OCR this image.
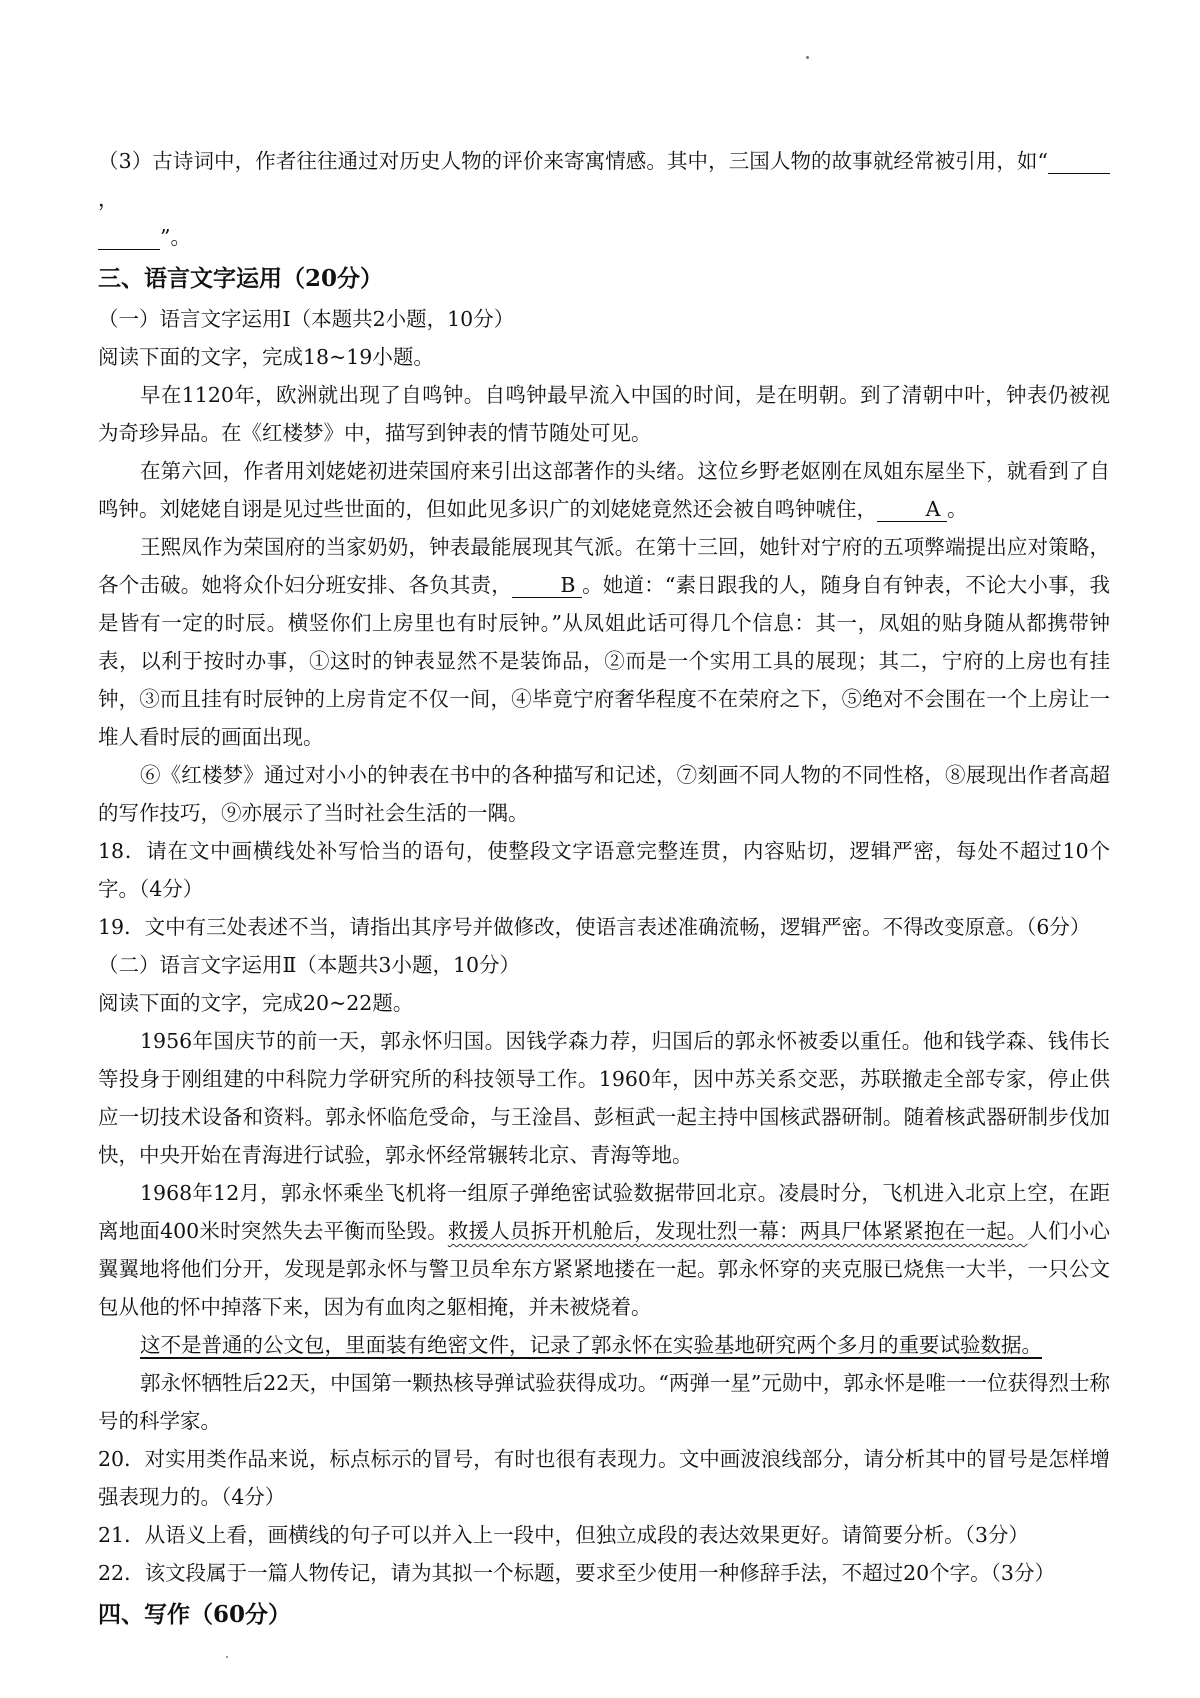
（3）古诗词中，作者往往通过对历史人物的评价来寄寓情感。其中，三国人物的故事就经常被引用，如“ ，
”。

三、语言文字运用（20分）

（一）语言文字运用Ⅰ（本题共2小题，10分）

阅读下面的文字，完成18~19小题。

早在1120年，欧洲就出现了自鸣钟。自鸣钟最早流入中国的时间，是在明朝。到了清朝中叶，钟表仍被视为奇珍异品。在《红楼梦》中，描写到钟表的情节随处可见。

在第六回，作者用刘姥姥初进荣国府来引出这部著作的头绪。这位乡野老妪刚在凤姐东屋坐下，就看到了自鸣钟。刘姥姥自诩是见过些世面的，但如此见多识广的刘姥姥竟然还会被自鸣钟唬住， A 。

王熙凤作为荣国府的当家奶奶，钟表最能展现其气派。在第十三回，她针对宁府的五项弊端提出应对策略，各个击破。她将众仆妇分班安排、各负其责， B 。她道：“素日跟我的人，随身自有钟表，不论大小事，我是皆有一定的时辰。横竖你们上房里也有时辰钟。”从凤姐此话可得几个信息：其一，凤姐的贴身随从都携带钟表，以利于按时办事，①这时的钟表显然不是装饰品，②而是一个实用工具的展现；其二，宁府的上房也有挂钟，③而且挂有时辰钟的上房肯定不仅一间，④毕竟宁府奢华程度不在荣府之下，⑤绝对不会围在一个上房让一堆人看时辰的画面出现。

⑥《红楼梦》通过对小小的钟表在书中的各种描写和记述，⑦刻画不同人物的不同性格，⑧展现出作者高超的写作技巧，⑨亦展示了当时社会生活的一隅。

18．请在文中画横线处补写恰当的语句，使整段文字语意完整连贯，内容贴切，逻辑严密，每处不超过10个字。（4分）

19．文中有三处表述不当，请指出其序号并做修改，使语言表述准确流畅，逻辑严密。不得改变原意。（6分）

（二）语言文字运用Ⅱ（本题共3小题，10分）

阅读下面的文字，完成20~22题。

1956年国庆节的前一天，郭永怀归国。因钱学森力荐，归国后的郭永怀被委以重任。他和钱学森、钱伟长等投身于刚组建的中科院力学研究所的科技领导工作。1960年，因中苏关系交恶，苏联撤走全部专家，停止供应一切技术设备和资料。郭永怀临危受命，与王淦昌、彭桓武一起主持中国核武器研制。随着核武器研制步伐加快，中央开始在青海进行试验，郭永怀经常辗转北京、青海等地。

1968年12月，郭永怀乘坐飞机将一组原子弹绝密试验数据带回北京。凌晨时分，飞机进入北京上空，在距离地面400米时突然失去平衡而坠毁。救援人员拆开机舱后，发现壮烈一幕：两具尸体紧紧抱在一起。人们小心翼翼地将他们分开，发现是郭永怀与警卫员牟东方紧紧地搂在一起。郭永怀穿的夹克服已烧焦一大半，一只公文包从他的怀中掉落下来，因为有血肉之躯相掩，并未被烧着。

这不是普通的公文包，里面装有绝密文件，记录了郭永怀在实验基地研究两个多月的重要试验数据。

郭永怀牺牲后22天，中国第一颗热核导弹试验获得成功。“两弹一星”元勋中，郭永怀是唯一一位获得烈士称号的科学家。

20．对实用类作品来说，标点标示的冒号，有时也很有表现力。文中画波浪线部分，请分析其中的冒号是怎样增强表现力的。（4分）

21．从语义上看，画横线的句子可以并入上一段中，但独立成段的表达效果更好。请简要分析。（3分）

22．该文段属于一篇人物传记，请为其拟一个标题，要求至少使用一种修辞手法，不超过20个字。（3分）

四、写作（60分）
